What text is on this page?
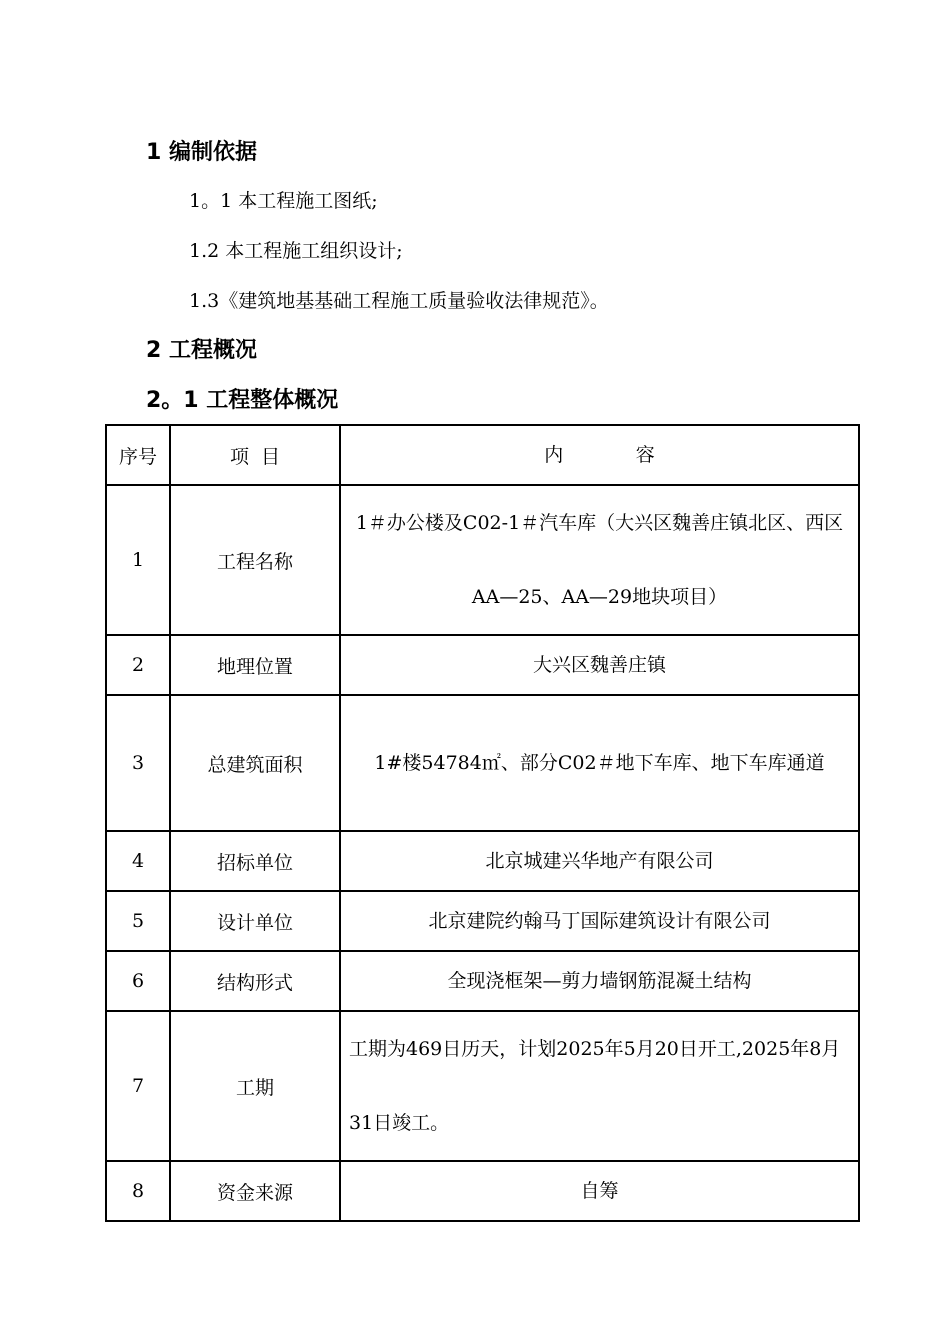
1 编制依据
1。1 本工程施工图纸;
1.2 本工程施工组织设计;
1.3《建筑地基基础工程施工质量验收法律规范》。
2 工程概况
2。1 工程整体概况
序号	项  目	内            容
1	工程名称	1＃办公楼及C02-1＃汽车库（大兴区魏善庄镇北区、西区AA—25、AA—29地块项目）
2	地理位置	大兴区魏善庄镇
3	总建筑面积	1#楼54784㎡、部分C02＃地下车库、地下车库通道
4	招标单位	北京城建兴华地产有限公司
5	设计单位	北京建院约翰马丁国际建筑设计有限公司
6	结构形式	全现浇框架—剪力墙钢筋混凝土结构
7	工期	工期为469日历天，计划2025年5月20日开工,2025年8月31日竣工。
8	资金来源	自筹
